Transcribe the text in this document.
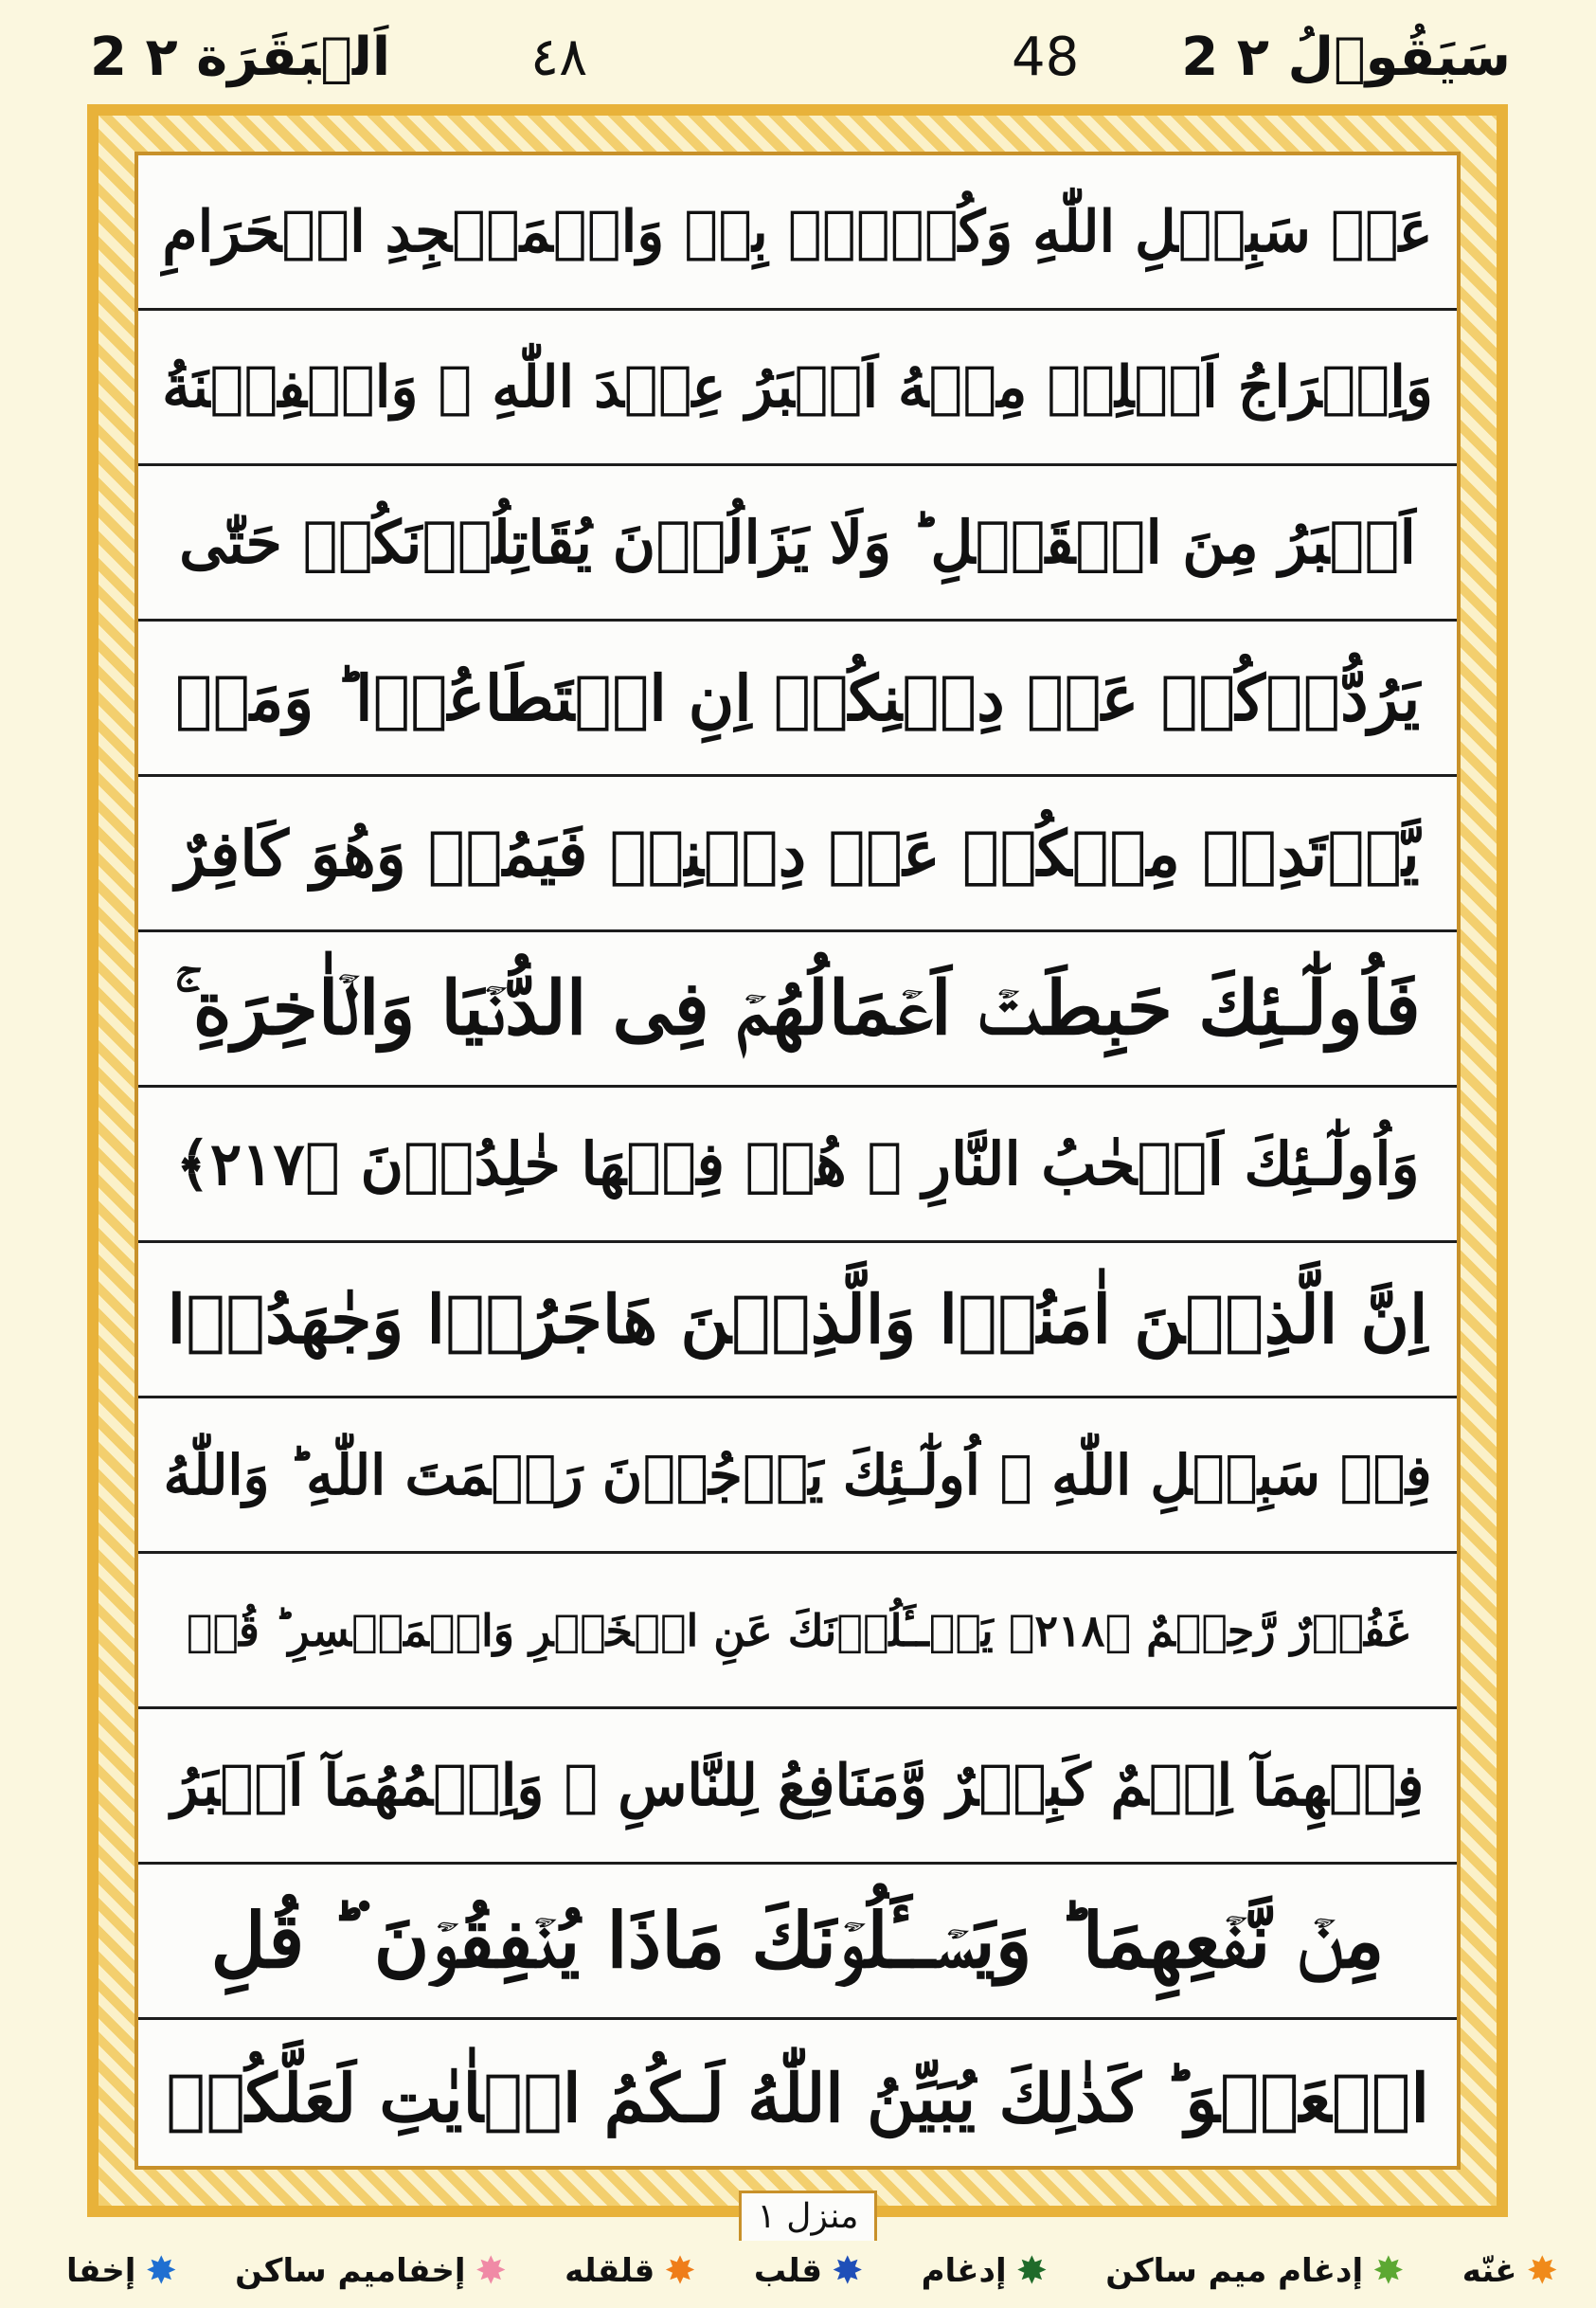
2 اَلۡبَقَرَة ٢	٤٨	48 2 سَيَقُوۡلُ ٢
عَنۡ سَبِيۡلِ اللّٰهِ وَكُفۡرٌۢ بِهٖ وَالۡمَسۡجِدِ الۡحَرَامِ
وَاِخۡرَاجُ اَهۡلِهٖ مِنۡهُ اَكۡبَرُ عِنۡدَ اللّٰهِ ۚ وَالۡفِتۡنَةُ
اَكۡبَرُ مِنَ الۡقَتۡلِ ؕ وَلَا يَزَالُوۡنَ يُقَاتِلُوۡنَكُمۡ حَتّٰى
يَرُدُّوۡكُمۡ عَنۡ دِيۡنِكُمۡ اِنِ اسۡتَطَاعُوۡا ؕ وَمَنۡ
يَّرۡتَدِدۡ مِنۡكُمۡ عَنۡ دِيۡنِهٖ فَيَمُتۡ وَهُوَ كَافِرٌ
فَاُولٰٓـئِكَ حَبِطَتۡ اَعۡمَالُهُمۡ فِى الدُّنۡيَا وَالۡاٰخِرَةِ ۚ
وَاُولٰٓـئِكَ اَصۡحٰبُ النَّارِ ۚ هُمۡ فِيۡهَا خٰلِدُوۡنَ ﴿۲۱۷﴾
اِنَّ الَّذِيۡنَ اٰمَنُوۡا وَالَّذِيۡنَ هَاجَرُوۡا وَجٰهَدُوۡا
فِىۡ سَبِيۡلِ اللّٰهِ ۙ اُولٰٓـئِكَ يَرۡجُوۡنَ رَحۡمَتَ اللّٰهِ ؕ وَاللّٰهُ
غَفُوۡرٌ رَّحِيۡمٌ ﴿۲۱۸﴾ يَسۡــَٔلُوۡنَكَ عَنِ الۡخَمۡرِ وَالۡمَيۡسِرِ ؕ قُلۡ
فِيۡهِمَآ اِثۡمٌ كَبِيۡرٌ وَّمَنَافِعُ لِلنَّاسِ ۚ وَاِثۡمُهُمَآ اَكۡبَرُ
مِنۡ نَّفۡعِهِمَا ؕ وَيَسۡــَٔلُوۡنَكَ مَاذَا يُنۡفِقُوۡنَ ۬ ؕ قُلِ
الۡعَفۡوَ ؕ كَذٰلِكَ يُبَيِّنُ اللّٰهُ لَـكُمُ الۡاٰيٰتِ لَعَلَّكُمۡ
منزل ١
✸
إخفا	✸
إخفاميم ساكن	✸
قلقله	✸
قلب	✸
إدغام	✸
إدغام ميم ساكن	✸
غنّه
